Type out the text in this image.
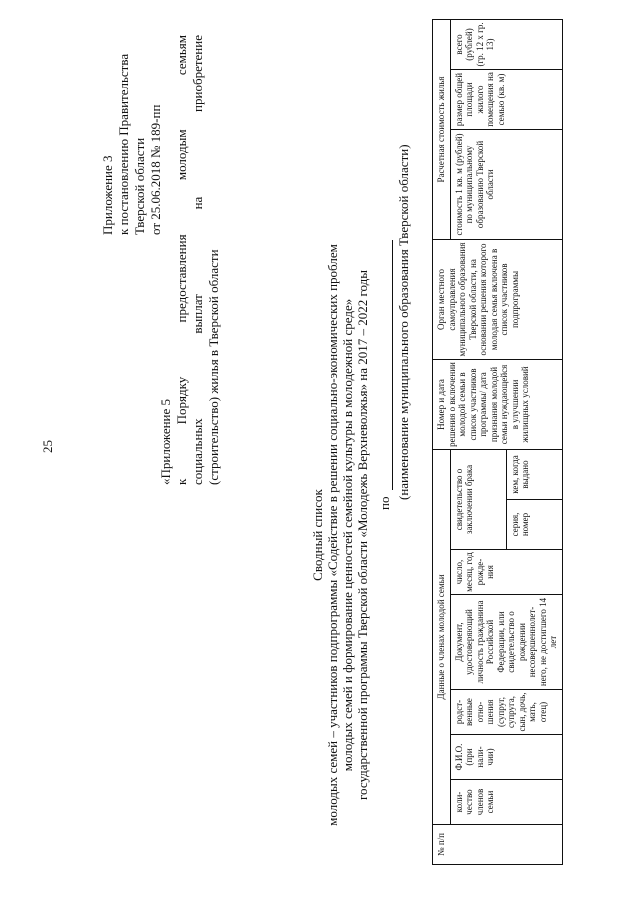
25
Приложение 3 к постановлению Правительства Тверской области от 25.06.2018 № 189-пп
«Приложение 5 к Порядку предоставления молодым семьям социальных выплат на приобретение (строительство) жилья в Тверской области
Сводный список молодых семей – участников подпрограммы «Содействие в решении социально-экономических проблем молодых семей и формирование ценностей семейной культуры в молодежной среде» государственной программы Тверской области «Молодежь Верхневолжья» на 2017 – 2022 годы по
(наименование муниципального образования Тверской области)
№ п/п	Данные о членах молодой семьи							Номер и дата решения о включении молодой семьи в список участников программы/ дата признания молодой семьи нуждающейся в улучшении жилищных условий	Орган местного самоуправления муниципального образования Тверской области, на основании решения которого молодая семья включена в список участников подпрограммы	Расчетная стоимость жилья		
	коли- чество членов семьи	Ф.И.О. (при нали- чии)	родст- венные отно- шения (супруг, супруга, сын, дочь, мать, отец)	Документ, удостоверяющий личность гражданина Российской Федерации, или свидетельство о рождении несовершеннолет- него, не достигшего 14 лет	число, месяц, год рожде- ния	свидетельство о заключении брака				стоимость 1 кв. м (рублей) по муниципальному образованию Тверской области	размер общей площади жилого помещения на семью (кв. м)	всего (рублей) (гр. 12 х гр. 13)
						серия, номер	кем, когда выдано					
